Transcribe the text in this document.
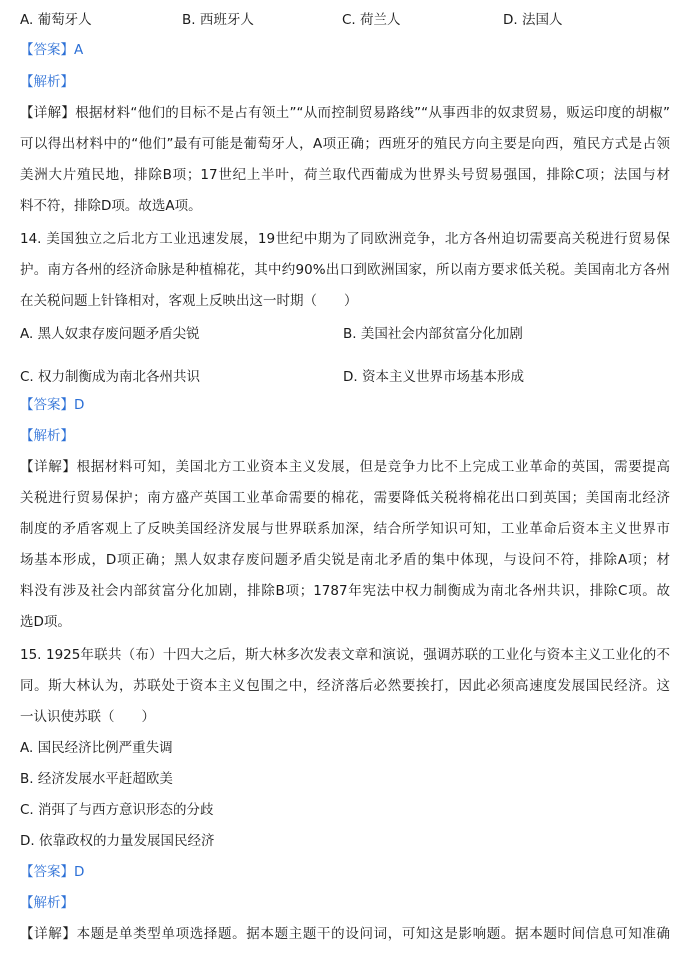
A. 葡萄牙人	B. 西班牙人	C. 荷兰人	D. 法国人
【答案】A
【解析】
【详解】根据材料“他们的目标不是占有领土”“从而控制贸易路线”“从事西非的奴隶贸易，贩运印度的胡椒”
可以得出材料中的“他们”最有可能是葡萄牙人，A项正确；西班牙的殖民方向主要是向西，殖民方式是占领
美洲大片殖民地，排除B项；17世纪上半叶，荷兰取代西葡成为世界头号贸易强国，排除C项；法国与材
料不符，排除D项。故选A项。
14. 美国独立之后北方工业迅速发展，19世纪中期为了同欧洲竞争，北方各州迫切需要高关税进行贸易保
护。南方各州的经济命脉是种植棉花，其中约90%出口到欧洲国家，所以南方要求低关税。美国南北方各州
在关税问题上针锋相对，客观上反映出这一时期（　　）
A. 黑人奴隶存废问题矛盾尖锐	B. 美国社会内部贫富分化加剧
C. 权力制衡成为南北各州共识	D. 资本主义世界市场基本形成
【答案】D
【解析】
【详解】根据材料可知，美国北方工业资本主义发展，但是竞争力比不上完成工业革命的英国，需要提高
关税进行贸易保护；南方盛产英国工业革命需要的棉花，需要降低关税将棉花出口到英国；美国南北经济
制度的矛盾客观上了反映美国经济发展与世界联系加深，结合所学知识可知，工业革命后资本主义世界市
场基本形成，D项正确；黑人奴隶存废问题矛盾尖锐是南北矛盾的集中体现，与设问不符，排除A项；材
料没有涉及社会内部贫富分化加剧，排除B项；1787年宪法中权力制衡成为南北各州共识，排除C项。故
选D项。
15. 1925年联共（布）十四大之后，斯大林多次发表文章和演说，强调苏联的工业化与资本主义工业化的不
同。斯大林认为，苏联处于资本主义包围之中，经济落后必然要挨打，因此必须高速度发展国民经济。这
一认识使苏联（　　）
A. 国民经济比例严重失调
B. 经济发展水平赶超欧美
C. 消弭了与西方意识形态的分歧
D. 依靠政权的力量发展国民经济
【答案】D
【解析】
【详解】本题是单类型单项选择题。据本题主题干的设问词，可知这是影响题。据本题时间信息可知准确
